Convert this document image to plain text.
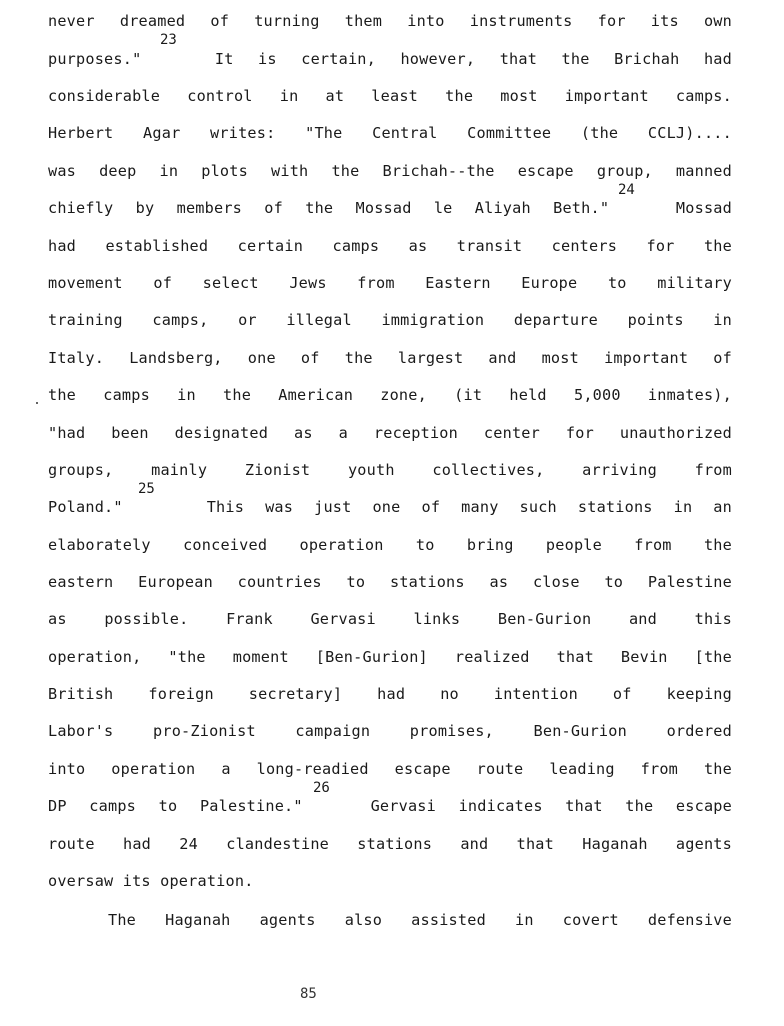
never dreamed of turning them into instruments for its own
23
purposes."   It is certain, however, that the Brichah had
considerable control in at least the most important camps.
Herbert Agar writes: "The Central Committee (the CCLJ)....
was deep in plots with the Brichah--the escape group, manned
24
chiefly by members of the Mossad le Aliyah Beth."   Mossad
had established certain camps as transit centers for the
movement of select Jews from Eastern Europe to military
training camps, or illegal immigration departure points in
Italy. Landsberg, one of the largest and most important of
the camps in the American zone, (it held 5,000 inmates),
"had been designated as a reception center for unauthorized
groups, mainly Zionist youth collectives, arriving from
25
Poland."    This was just one of many such stations in an
elaborately conceived operation to bring people from the
eastern European countries to stations as close to Palestine
as possible. Frank Gervasi links Ben-Gurion and this
operation, "the moment [Ben-Gurion] realized that Bevin [the
British foreign secretary] had no intention of keeping
Labor's pro-Zionist campaign promises, Ben-Gurion ordered
into operation a long-readied escape route leading from the
26
DP camps to Palestine."   Gervasi indicates that the escape
route had 24 clandestine stations and that Haganah agents
oversaw its operation.
The Haganah agents also assisted in covert defensive
85
